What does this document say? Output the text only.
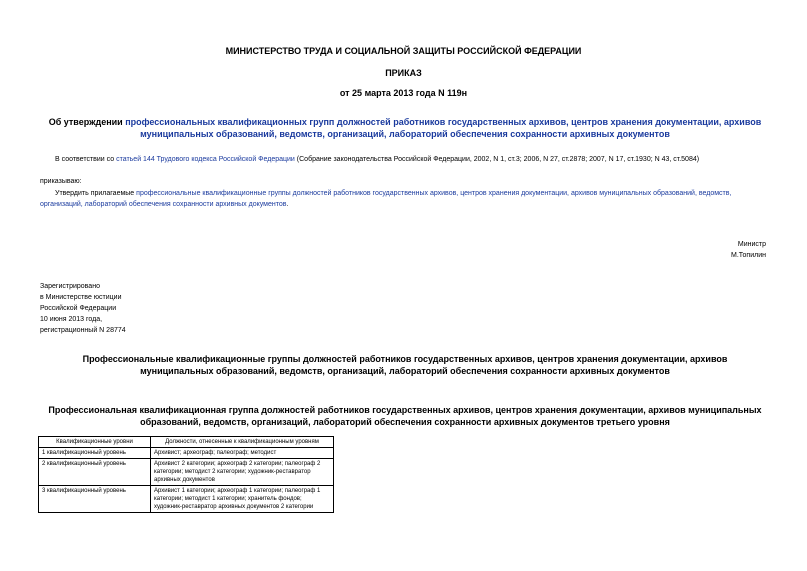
МИНИСТЕРСТВО ТРУДА И СОЦИАЛЬНОЙ ЗАЩИТЫ РОССИЙСКОЙ ФЕДЕРАЦИИ
ПРИКАЗ
от 25 марта 2013 года N 119н
Об утверждении профессиональных квалификационных групп должностей работников государственных архивов, центров хранения документации, архивов муниципальных образований, ведомств, организаций, лабораторий обеспечения сохранности архивных документов
В соответствии со статьей 144 Трудового кодекса Российской Федерации (Собрание законодательства Российской Федерации, 2002, N 1, ст.3; 2006, N 27, ст.2878; 2007, N 17, ст.1930; N 43, ст.5084)
приказываю:
Утвердить прилагаемые профессиональные квалификационные группы должностей работников государственных архивов, центров хранения документации, архивов муниципальных образований, ведомств, организаций, лабораторий обеспечения сохранности архивных документов.
Министр
М.Топилин
Зарегистрировано
в Министерстве юстиции
Российской Федерации
10 июня 2013 года,
регистрационный N 28774
Профессиональные квалификационные группы должностей работников государственных архивов, центров хранения документации, архивов муниципальных образований, ведомств, организаций, лабораторий обеспечения сохранности архивных документов
Профессиональная квалификационная группа должностей работников государственных архивов, центров хранения документации, архивов муниципальных образований, ведомств, организаций, лабораторий обеспечения сохранности архивных документов третьего уровня
Квалификационные уровни	Должности, отнесенные к квалификационным уровням
1 квалификационный уровень	Архивист; археограф; палеограф; методист
2 квалификационный уровень	Архивист 2 категории; археограф 2 категории; палеограф 2 категории; методист 2 категории; художник-реставратор архивных документов
3 квалификационный уровень	Архивист 1 категории; археограф 1 категории; палеограф 1 категории; методист 1 категории; хранитель фондов; художник-реставратор архивных документов 2 категории
